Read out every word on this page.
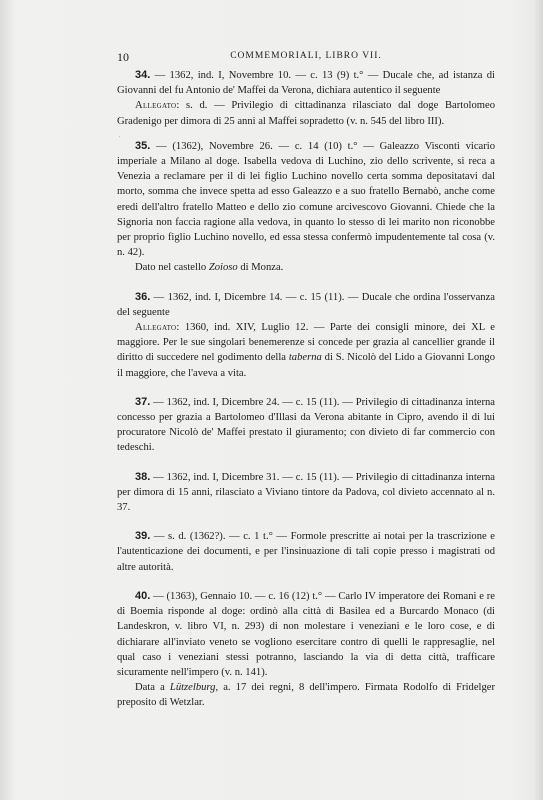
10	COMMEMORIALI, LIBRO VII.

34. — 1362, ind. I, Novembre 10. — c. 13 (9) t.° — Ducale che, ad istanza di Giovanni del fu Antonio de' Maffei da Verona, dichiara autentico il seguente

Allegato: s. d. — Privilegio di cittadinanza rilasciato dal doge Bartolomeo Gradenigo per dimora di 25 anni al Maffei sopradetto (v. n. 545 del libro III).

35. — (1362), Novembre 26. — c. 14 (10) t.° — Galeazzo Visconti vicario imperiale a Milano al doge. Isabella vedova di Luchino, zio dello scrivente, si reca a Venezia a reclamare per il di lei figlio Luchino novello certa somma depositatavi dal morto, somma che invece spetta ad esso Galeazzo e a suo fratello Bernabò, anche come eredi dell'altro fratello Matteo e dello zio comune arcivescovo Giovanni. Chiede che la Signoria non faccia ragione alla vedova, in quanto lo stesso di lei marito non riconobbe per proprio figlio Luchino novello, ed essa stessa confermò impudentemente tal cosa (v. n. 42).

Dato nel castello Zoioso di Monza.

36. — 1362, ind. I, Dicembre 14. — c. 15 (11). — Ducale che ordina l'osservanza del seguente

Allegato: 1360, ind. XIV, Luglio 12. — Parte dei consigli minore, dei XL e maggiore. Per le sue singolari benemerenze si concede per grazia al cancellier grande il diritto di succedere nel godimento della taberna di S. Nicolò del Lido a Giovanni Longo il maggiore, che l'aveva a vita.

37. — 1362, ind. I, Dicembre 24. — c. 15 (11). — Privilegio di cittadinanza interna concesso per grazia a Bartolomeo d'Illasi da Verona abitante in Cipro, avendo il di lui procuratore Nicolò de' Maffei prestato il giuramento; con divieto di far commercio con tedeschi.

38. — 1362, ind. I, Dicembre 31. — c. 15 (11). — Privilegio di cittadinanza interna per dimora di 15 anni, rilasciato a Viviano tintore da Padova, col divieto accennato al n. 37.

39. — s. d. (1362?). — c. 1 t.° — Formole prescritte ai notai per la trascrizione e l'autenticazione dei documenti, e per l'insinuazione di tali copie presso i magistrati od altre autorità.

40. — (1363), Gennaio 10. — c. 16 (12) t.° — Carlo IV imperatore dei Romani e re di Boemia risponde al doge: ordinò alla città di Basilea ed a Burcardo Monaco (di Landeskron, v. libro VI, n. 293) di non molestare i veneziani e le loro cose, e di dichiarare all'inviato veneto se vogliono esercitare contro di quelli le rappresaglie, nel qual caso i veneziani stessi potranno, lasciando la via di detta città, trafficare sicuramente nell'impero (v. n. 141).

Data a Lützelburg, a. 17 dei regni, 8 dell'impero. Firmata Rodolfo di Fridelger preposito di Wetzlar.
